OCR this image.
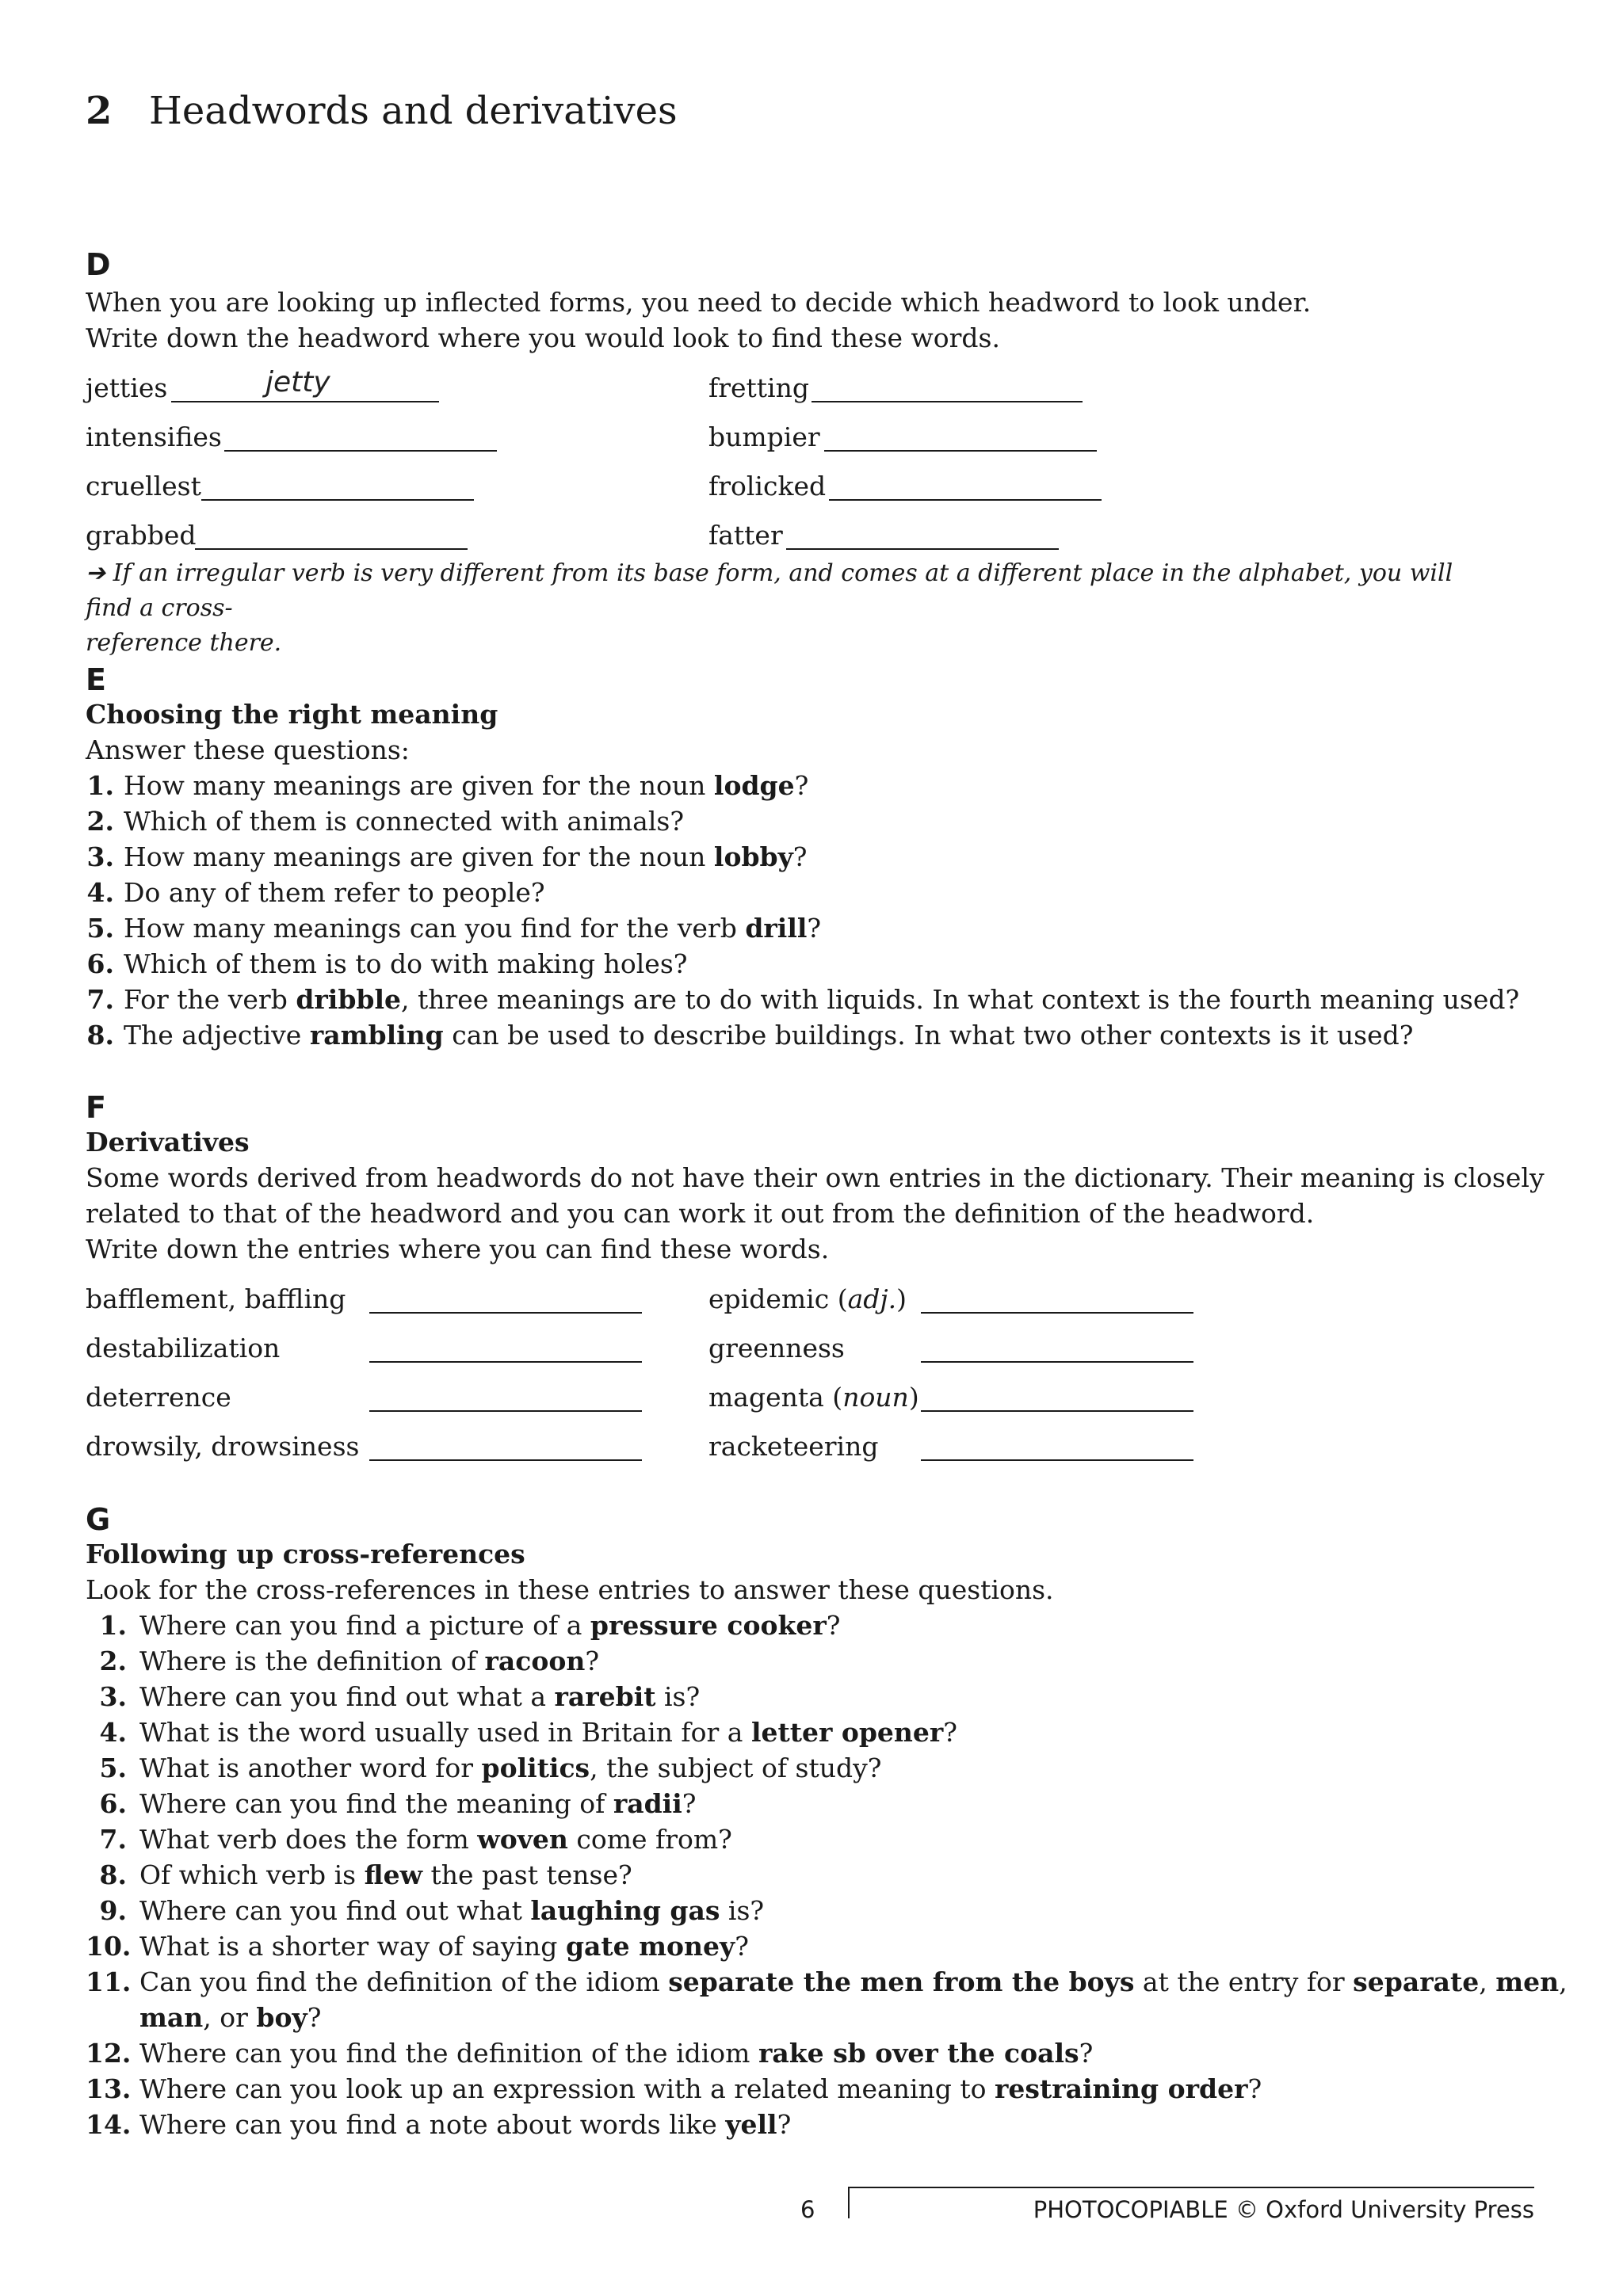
2 Headwords and derivatives
D
When you are looking up inflected forms, you need to decide which headword to look under.
Write down the headword where you would look to find these words.
jetties	jetty	fretting
intensifies	bumpier
cruellest	frolicked
grabbed	fatter
➔ If an irregular verb is very different from its base form, and comes at a different place in the alphabet, you will find a cross-
reference there.
E
Choosing the right meaning
Answer these questions:
1. How many meanings are given for the noun lodge?
2. Which of them is connected with animals?
3. How many meanings are given for the noun lobby?
4. Do any of them refer to people?
5. How many meanings can you find for the verb drill?
6. Which of them is to do with making holes?
7. For the verb dribble, three meanings are to do with liquids. In what context is the fourth meaning used?
8. The adjective rambling can be used to describe buildings. In what two other contexts is it used?
F
Derivatives
Some words derived from headwords do not have their own entries in the dictionary. Their meaning is closely
related to that of the headword and you can work it out from the definition of the headword.
Write down the entries where you can find these words.
bafflement, baffling	epidemic (adj.)
destabilization	greenness
deterrence	magenta (noun)
drowsily, drowsiness	racketeering
G
Following up cross-references
Look for the cross-references in these entries to answer these questions.
1. Where can you find a picture of a pressure cooker?
2. Where is the definition of racoon?
3. Where can you find out what a rarebit is?
4. What is the word usually used in Britain for a letter opener?
5. What is another word for politics, the subject of study?
6. Where can you find the meaning of radii?
7. What verb does the form woven come from?
8. Of which verb is flew the past tense?
9. Where can you find out what laughing gas is?
10. What is a shorter way of saying gate money?
11. Can you find the definition of the idiom separate the men from the boys at the entry for separate, men,
man, or boy?
12. Where can you find the definition of the idiom rake sb over the coals?
13. Where can you look up an expression with a related meaning to restraining order?
14. Where can you find a note about words like yell?
6	PHOTOCOPIABLE © Oxford University Press
